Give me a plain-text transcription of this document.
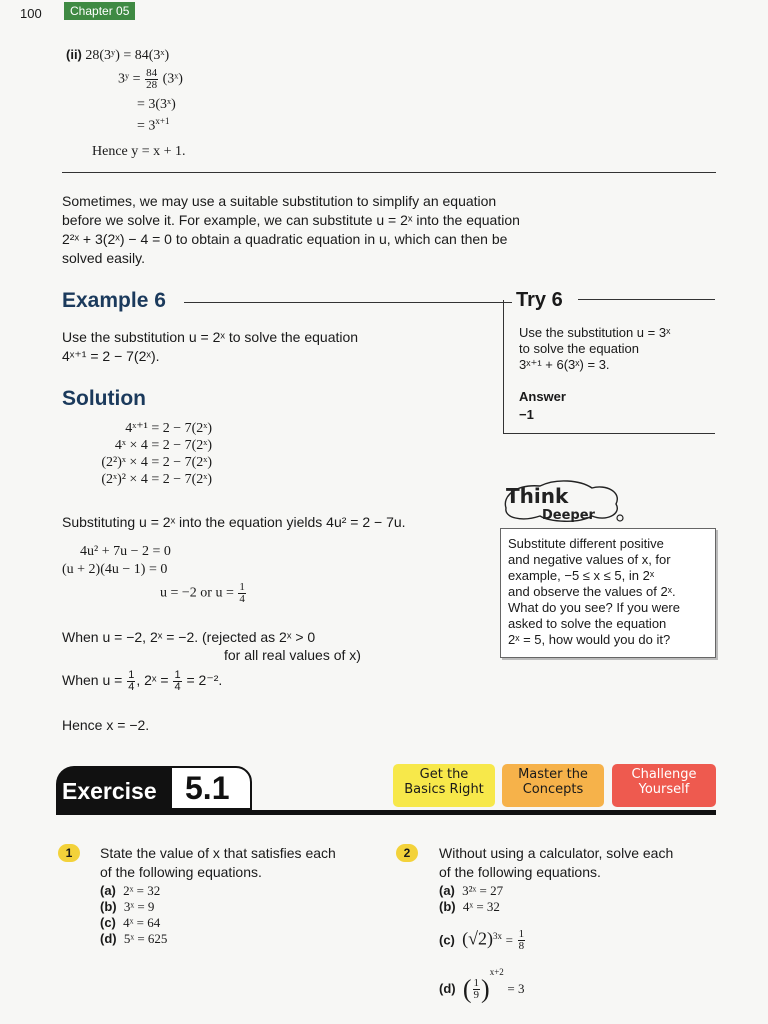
100	Chapter 05
(ii) 28(3ʸ) = 84(3ˣ)
3ʸ = $\frac{84}{28}$ (3ˣ)
= 3(3ˣ)
= $3^{x+1}$
Hence y = x + 1.
Sometimes, we may use a suitable substitution to simplify an equation
before we solve it. For example, we can substitute u = 2ˣ into the equation
2²ˣ + 3(2ˣ) − 4 = 0 to obtain a quadratic equation in u, which can then be
solved easily.
Example 6	Try 6
Use the substitution u = 3ˣ
to solve the equation
3ˣ⁺¹ + 6(3ˣ) = 3.
Answer
−1
Use the substitution u = 2ˣ to solve the equation
4ˣ⁺¹ = 2 − 7(2ˣ).
Solution
4ˣ⁺¹ = 2 − 7(2ˣ)
4ˣ × 4 = 2 − 7(2ˣ)
(2²)ˣ × 4 = 2 − 7(2ˣ)
(2ˣ)² × 4 = 2 − 7(2ˣ)
Substituting u = 2ˣ into the equation yields 4u² = 2 − 7u.
4u² + 7u − 2 = 0
(u + 2)(4u − 1) = 0
u = −2 or $u = \frac{1}{4}$
When u = −2, 2ˣ = −2. (rejected as 2ˣ > 0
for all real values of x)
When $u = \frac{1}{4}$ , 2ˣ = $\frac{1}{4} = 2^{-2}$.
Hence x = −2.
Think
Deeper
Substitute different positive
and negative values of x, for
example, −5 ≤ x ≤ 5, in 2ˣ
and observe the values of 2ˣ.
What do you see? If you were
asked to solve the equation
2ˣ = 5, how would you do it?
Exercise 5.1	Get the
Basics Right
Master the
Concepts
Challenge
Yourself
1	State the value of x that satisfies each
of the following equations.
(a) 2ˣ = 32
(b) 3ˣ = 9
(c) 4ˣ = 64
(d) 5ˣ = 625
2	Without using a calculator, solve each
of the following equations.
(a) 3²ˣ = 27
(b) 4ˣ = 32
(c) $(√2)^{3x} = \frac{1}{8}$
(d) ( $\frac{1}{9} )^{x+2} = 3$
